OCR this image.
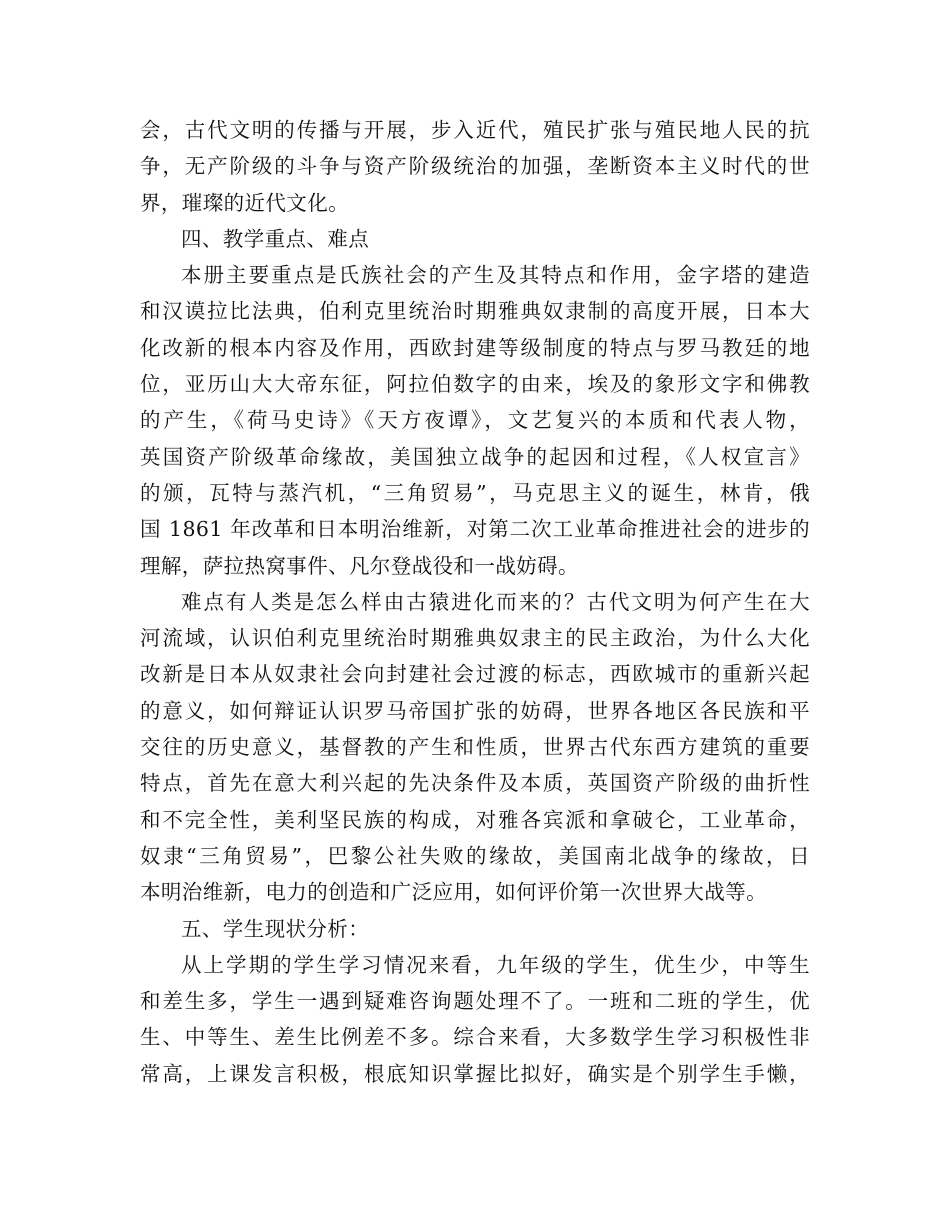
会，古代文明的传播与开展，步入近代，殖民扩张与殖民地人民的抗
争，无产阶级的斗争与资产阶级统治的加强，垄断资本主义时代的世
界，璀璨的近代文化。
四、教学重点、难点
本册主要重点是氏族社会的产生及其特点和作用，金字塔的建造
和汉谟拉比法典，伯利克里统治时期雅典奴隶制的高度开展，日本大
化改新的根本内容及作用，西欧封建等级制度的特点与罗马教廷的地
位，亚历山大大帝东征，阿拉伯数字的由来，埃及的象形文字和佛教
的产生，《荷马史诗》《天方夜谭》，文艺复兴的本质和代表人物，
英国资产阶级革命缘故，美国独立战争的起因和过程，《人权宣言》
的颁，瓦特与蒸汽机，“三角贸易”，马克思主义的诞生，林肯，俄
国 1861 年改革和日本明治维新，对第二次工业革命推进社会的进步的
理解，萨拉热窝事件、凡尔登战役和一战妨碍。
难点有人类是怎么样由古猿进化而来的？古代文明为何产生在大
河流域，认识伯利克里统治时期雅典奴隶主的民主政治，为什么大化
改新是日本从奴隶社会向封建社会过渡的标志，西欧城市的重新兴起
的意义，如何辩证认识罗马帝国扩张的妨碍，世界各地区各民族和平
交往的历史意义，基督教的产生和性质，世界古代东西方建筑的重要
特点，首先在意大利兴起的先决条件及本质，英国资产阶级的曲折性
和不完全性，美利坚民族的构成，对雅各宾派和拿破仑，工业革命，
奴隶“三角贸易”，巴黎公社失败的缘故，美国南北战争的缘故，日
本明治维新，电力的创造和广泛应用，如何评价第一次世界大战等。
五、学生现状分析：
从上学期的学生学习情况来看，九年级的学生，优生少，中等生
和差生多，学生一遇到疑难咨询题处理不了。一班和二班的学生，优
生、中等生、差生比例差不多。综合来看，大多数学生学习积极性非
常高，上课发言积极，根底知识掌握比拟好，确实是个别学生手懒，
